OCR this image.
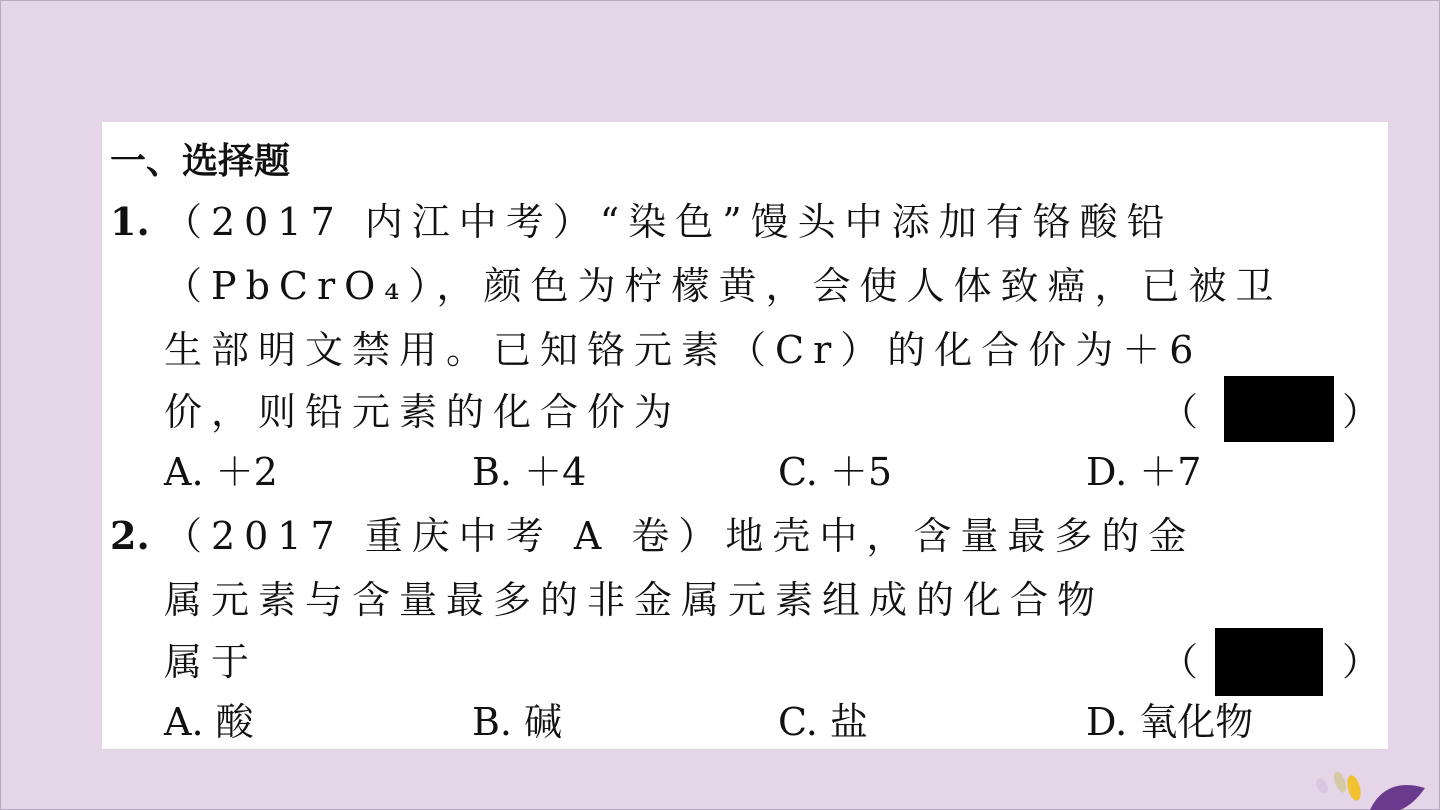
一、选择题
1. （2017 内江中考）“染色”馒头中添加有铬酸铅
（PbCrO₄），颜色为柠檬黄，会使人体致癌，已被卫
生部明文禁用。已知铬元素（Cr）的化合价为＋6
价，则铅元素的化合价为	（	）
A. ＋2	B. ＋4	C. ＋5	D. ＋7
2. （2017 重庆中考 A 卷）地壳中，含量最多的金
属元素与含量最多的非金属元素组成的化合物
属于	（	）
A. 酸	B. 碱	C. 盐	D. 氧化物
